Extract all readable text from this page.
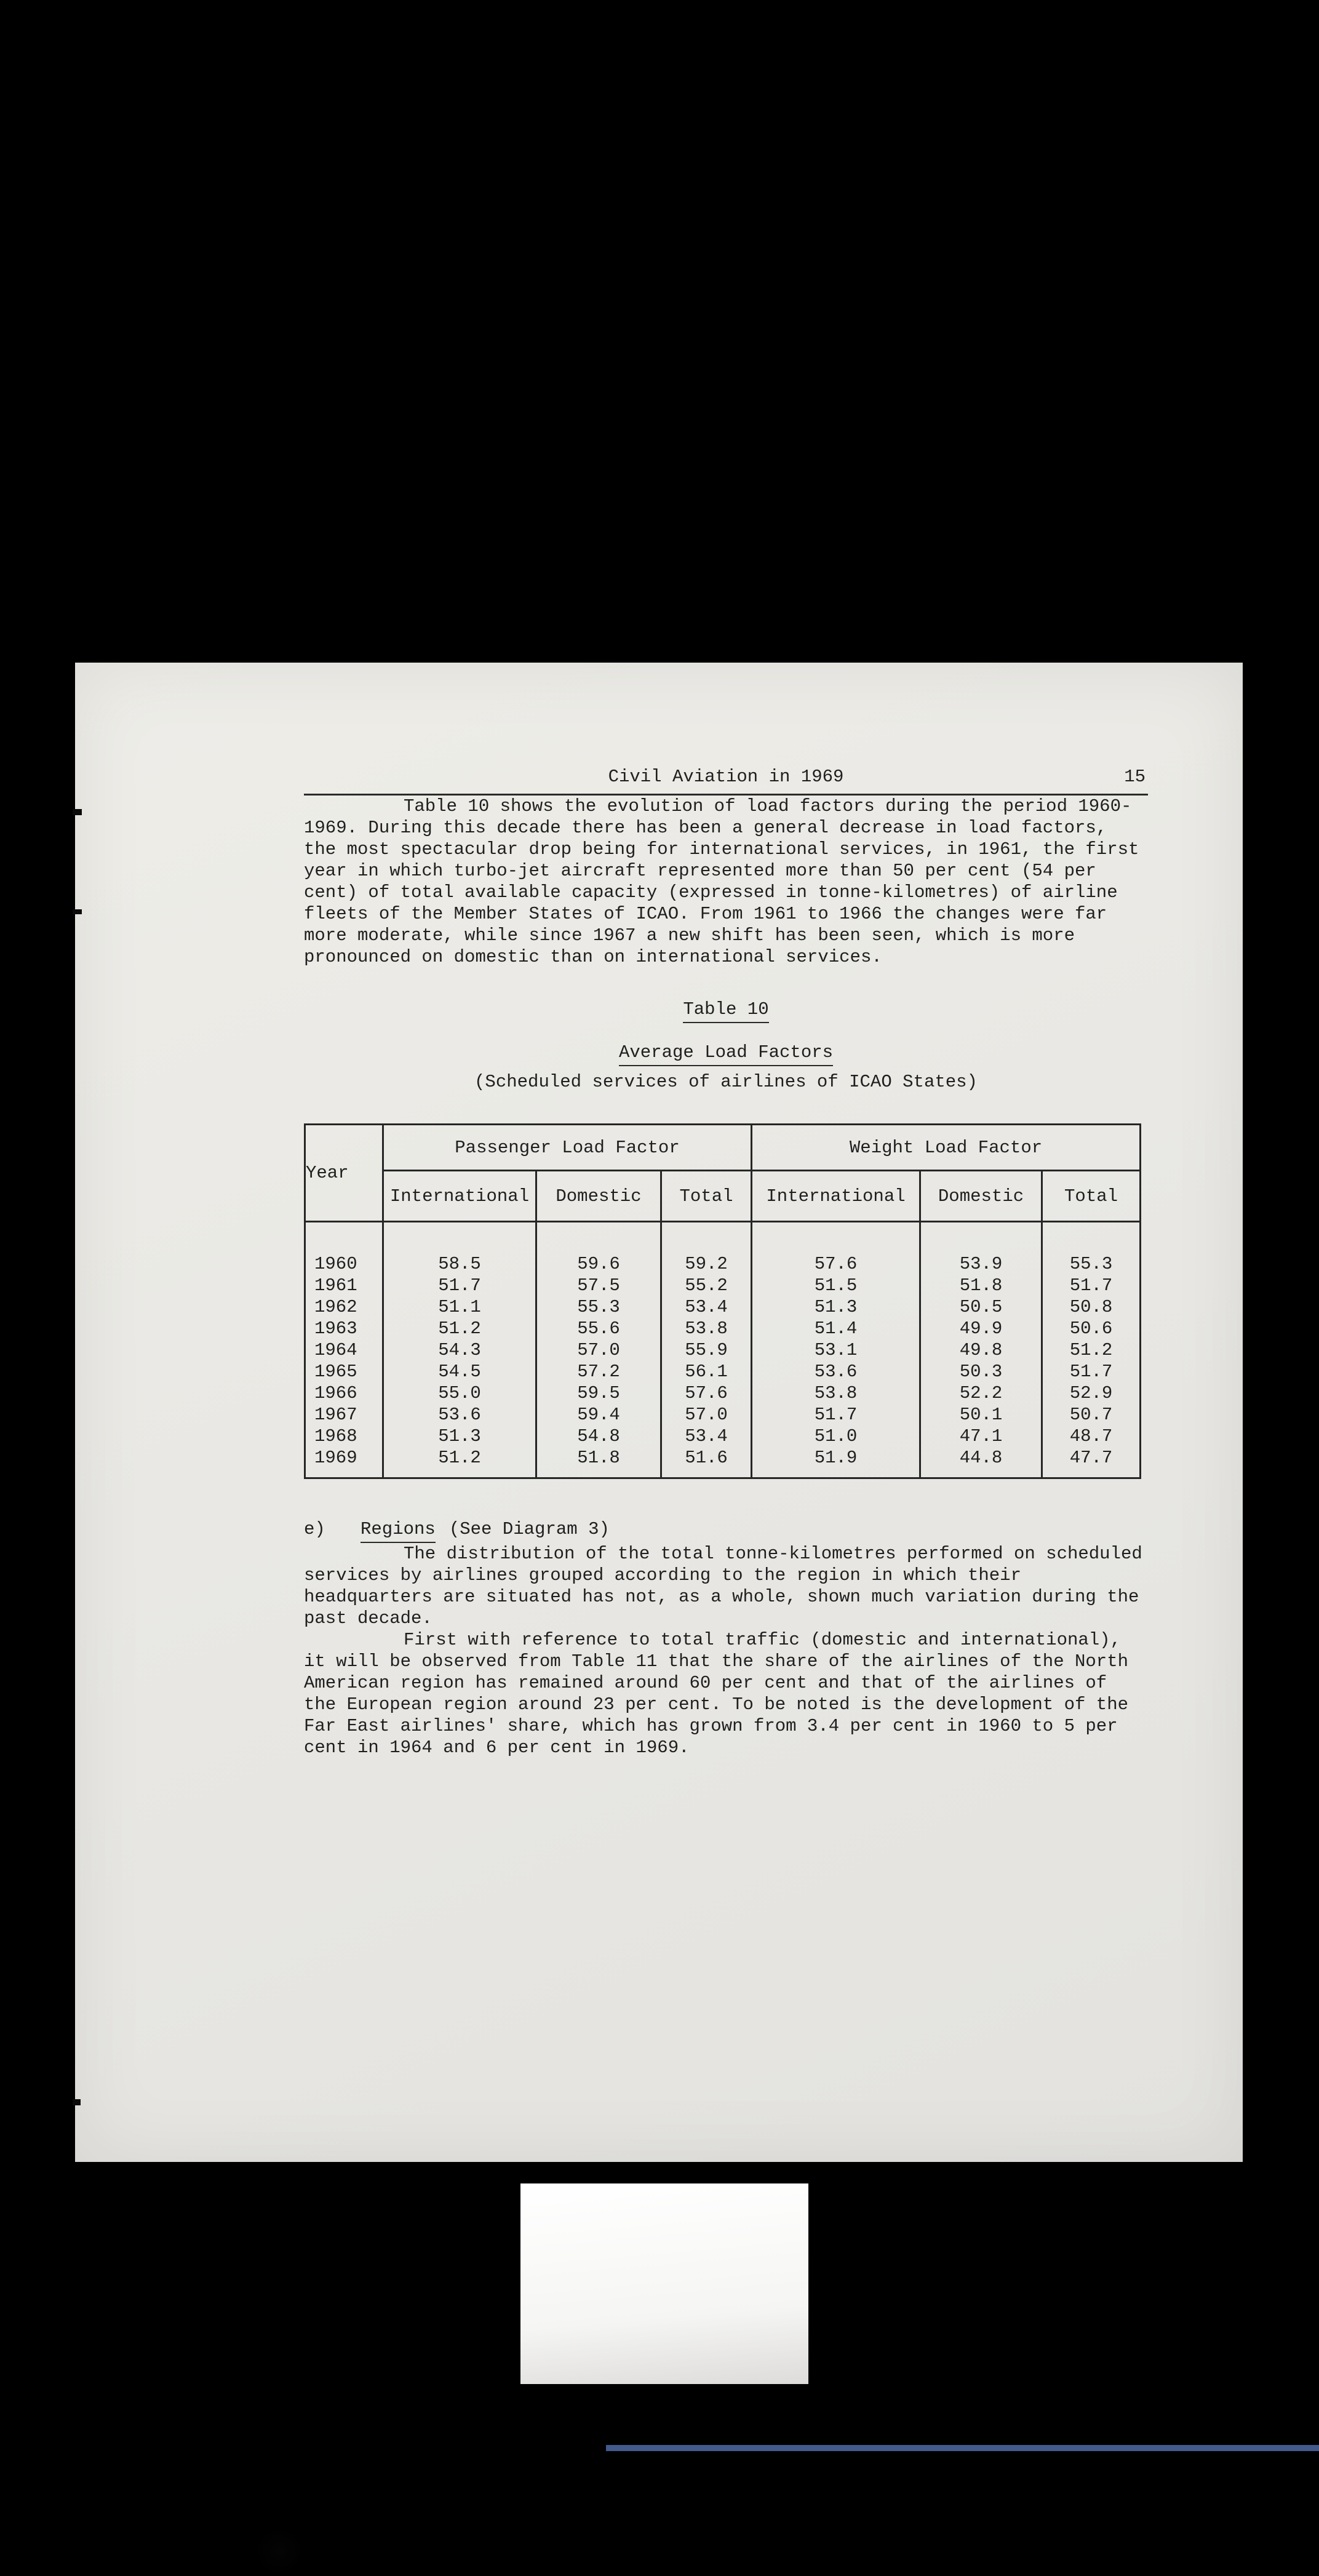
Civil Aviation in 1969	15

Table 10 shows the evolution of load factors during the period 1960-1969. During this decade there has been a general decrease in load factors, the most spectacular drop being for international services, in 1961, the first year in which turbo-jet aircraft represented more than 50 per cent (54 per cent) of total available capacity (expressed in tonne-kilometres) of airline fleets of the Member States of ICAO. From 1961 to 1966 the changes were far more moderate, while since 1967 a new shift has been seen, which is more pronounced on domestic than on international services.

Table 10
Average Load Factors
(Scheduled services of airlines of ICAO States)
Year	Passenger Load Factor			Weight Load Factor		
	International	Domestic	Total	International	Domestic	Total

1960	58.5	59.6	59.2	57.6	53.9	55.3
1961	51.7	57.5	55.2	51.5	51.8	51.7
1962	51.1	55.3	53.4	51.3	50.5	50.8
1963	51.2	55.6	53.8	51.4	49.9	50.6
1964	54.3	57.0	55.9	53.1	49.8	51.2
1965	54.5	57.2	56.1	53.6	50.3	51.7
1966	55.0	59.5	57.6	53.8	52.2	52.9
1967	53.6	59.4	57.0	51.7	50.1	50.7
1968	51.3	54.8	53.4	51.0	47.1	48.7
1969	51.2	51.8	51.6	51.9	44.8	47.7

e) Regions (See Diagram 3)

The distribution of the total tonne-kilometres performed on scheduled services by airlines grouped according to the region in which their headquarters are situated has not, as a whole, shown much variation during the past decade.

First with reference to total traffic (domestic and international), it will be observed from Table 11 that the share of the airlines of the North American region has remained around 60 per cent and that of the airlines of the European region around 23 per cent. To be noted is the development of the Far East airlines' share, which has grown from 3.4 per cent in 1960 to 5 per cent in 1964 and 6 per cent in 1969.
